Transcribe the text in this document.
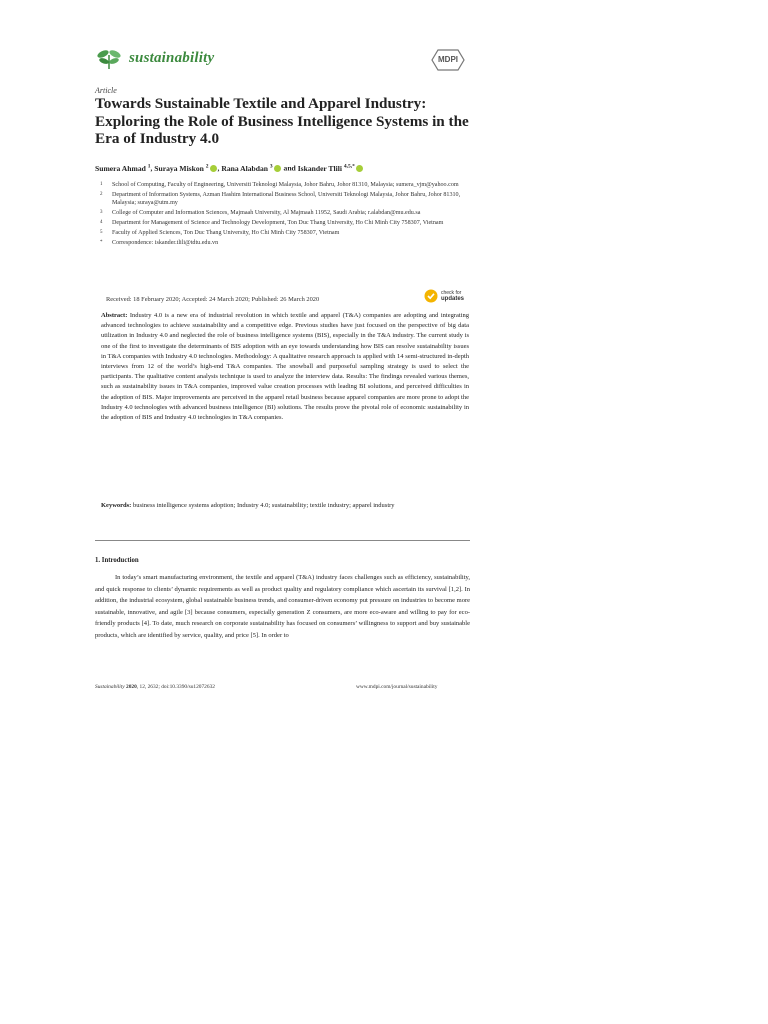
sustainability	MDPI
Article
Towards Sustainable Textile and Apparel Industry: Exploring the Role of Business Intelligence Systems in the Era of Industry 4.0
Sumera Ahmad $^1$, Suraya Miskon $^2$ , Rana Alabdan $^3$ and Iskander Tlili $^{4,5,*}$
1	School of Computing, Faculty of Engineering, Universiti Teknologi Malaysia, Johor Bahru, Johor 81310, Malaysia; sumera_vjm@yahoo.com
2	Department of Information Systems, Azman Hashim International Business School, Universiti Teknologi Malaysia, Johor Bahru, Johor 81310, Malaysia; suraya@utm.my
3	College of Computer and Information Sciences, Majmaah University, Al Majmaah 11952, Saudi Arabia; r.alabdan@mu.edu.sa
4	Department for Management of Science and Technology Development, Ton Duc Thang University, Ho Chi Minh City 758307, Vietnam
5	Faculty of Applied Sciences, Ton Duc Thang University, Ho Chi Minh City 758307, Vietnam
*	Correspondence: iskander.tlili@tdtu.edu.vn
Received: 18 February 2020; Accepted: 24 March 2020; Published: 26 March 2020
check for
updates
Abstract: Industry 4.0 is a new era of industrial revolution in which textile and apparel (T&A) companies are adopting and integrating advanced technologies to achieve sustainability and a competitive edge. Previous studies have just focused on the perspective of big data utilization in Industry 4.0 and neglected the role of business intelligence systems (BIS), especially in the T&A industry. The current study is one of the first to investigate the determinants of BIS adoption with an eye towards understanding how BIS can resolve sustainability issues in T&A companies with Industry 4.0 technologies. Methodology: A qualitative research approach is applied with 14 semi-structured in-depth interviews from 12 of the world’s high-end T&A companies. The snowball and purposeful sampling strategy is used to select the participants. The qualitative content analysis technique is used to analyze the interview data. Results: The findings revealed various themes, such as sustainability issues in T&A companies, improved value creation processes with leading BI solutions, and perceived difficulties in the adoption of BIS. Major improvements are perceived in the apparel retail business because apparel companies are more prone to adopt the Industry 4.0 technologies with advanced business intelligence (BI) solutions. The results prove the pivotal role of economic sustainability in the adoption of BIS and Industry 4.0 technologies in T&A companies.
Keywords: business intelligence systems adoption; Industry 4.0; sustainability; textile industry; apparel industry
1. Introduction
In today’s smart manufacturing environment, the textile and apparel (T&A) industry faces challenges such as efficiency, sustainability, and quick response to clients’ dynamic requirements as well as product quality and regulatory compliance which ascertain its survival [1,2]. In addition, the industrial ecosystem, global sustainable business trends, and consumer-driven economy put pressure on industries to become more sustainable, innovative, and agile [3] because consumers, especially generation Z consumers, are more eco-aware and willing to pay for eco-friendly products [4]. To date, much research on corporate sustainability has focused on consumers’ willingness to support and buy sustainable products, which are identified by service, quality, and price [5]. In order to
Sustainability 2020, 12, 2632; doi:10.3390/su12072632	www.mdpi.com/journal/sustainability
